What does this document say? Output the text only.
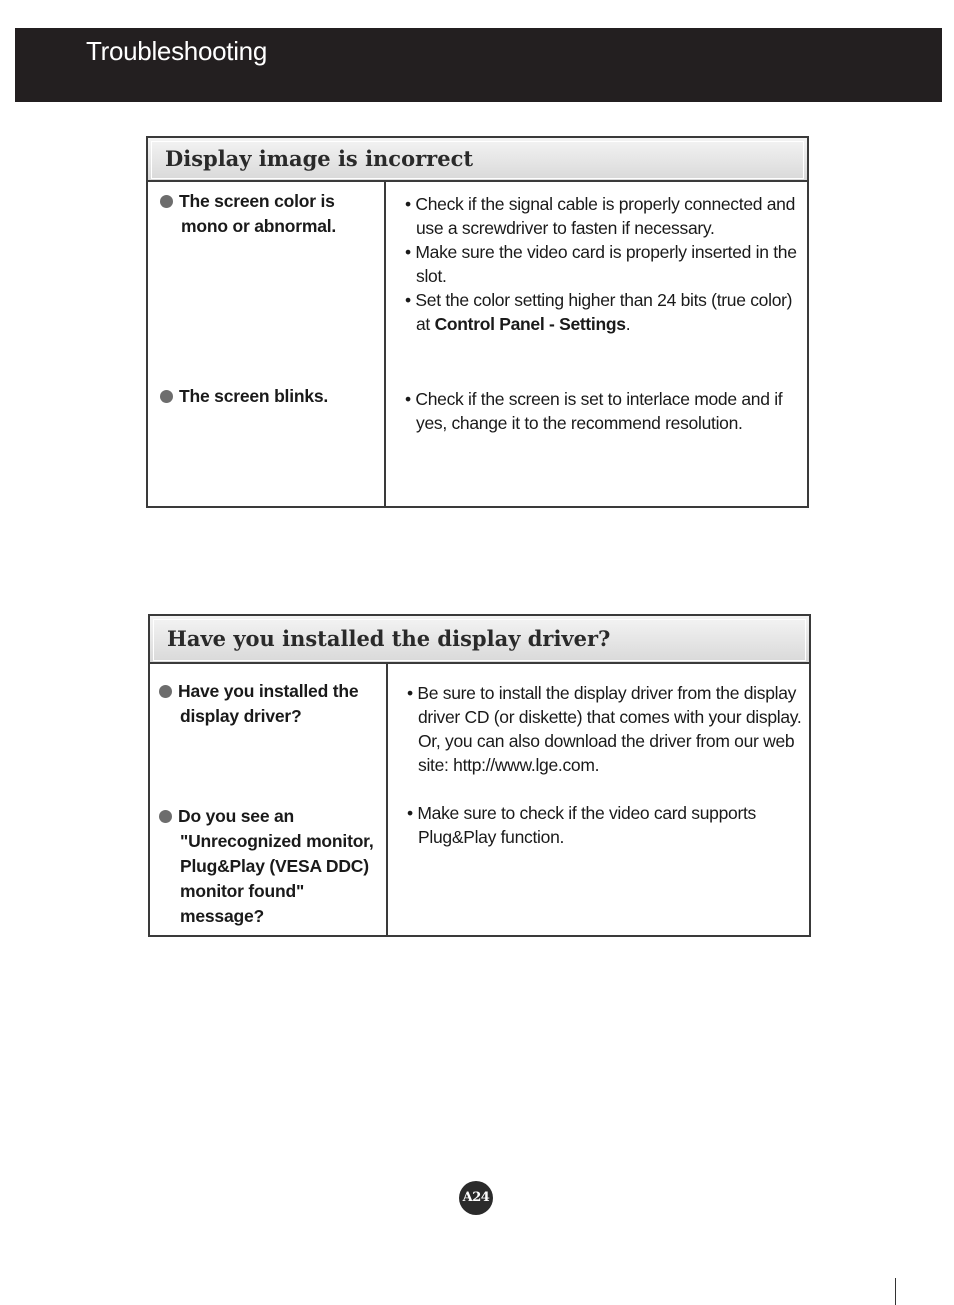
Troubleshooting
Display image is incorrect
The screen color is
mono or abnormal.
• Check if the signal cable is properly connected and use a screwdriver to fasten if necessary.
• Make sure the video card is properly inserted in the slot.
• Set the color setting higher than 24 bits (true color) at Control Panel - Settings.
The screen blinks.	• Check if the screen is set to interlace mode and if yes, change it to the recommend resolution.
Have you installed the display driver?
Have you installed the
display driver?
• Be sure to install the display driver from the display driver CD (or diskette) that comes with your display. Or, you can also download the driver from our web site: http://www.lge.com.
Do you see an
"Unrecognized monitor,
Plug&Play (VESA DDC)
monitor found"
message?
• Make sure to check if the video card supports Plug&Play function.
A24
